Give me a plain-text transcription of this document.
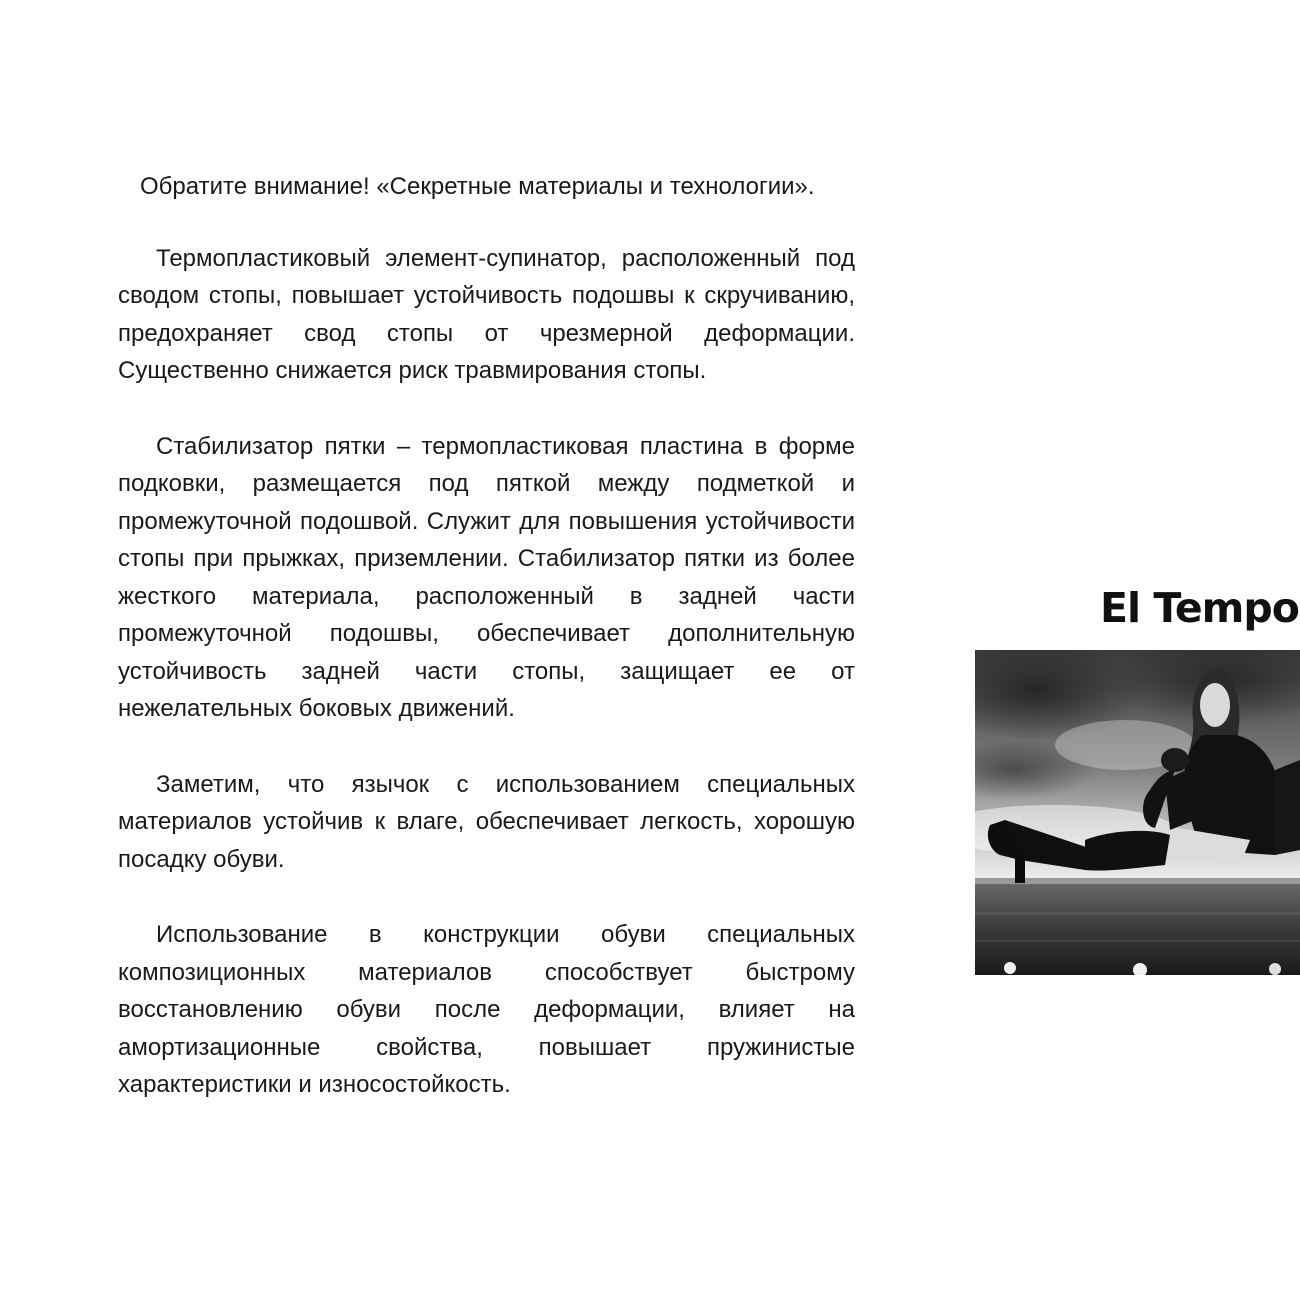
Обратите внимание! «Секретные материалы и технологии».

Термопластиковый элемент-супинатор, расположенный под сводом стопы, повышает устойчивость подошвы к скручиванию, предохраняет свод стопы от чрезмерной деформации. Существенно снижается риск травмирования стопы.

Стабилизатор пятки – термопластиковая пластина в форме подковки, размещается под пяткой между подметкой и промежуточной подошвой. Служит для повышения устойчивости стопы при прыжках, приземлении. Стабилизатор пятки из более жесткого материала, расположенный в задней части промежуточной подошвы, обеспечивает дополнительную устойчивость задней части стопы, защищает ее от нежелательных боковых движений.

Заметим, что язычок с использованием специальных материалов устойчив к влаге, обеспечивает легкость, хорошую посадку обуви.

Использование в конструкции обуви специальных композиционных материалов способствует быстрому восстановлению обуви после деформации, влияет на амортизационные свойства, повышает пружинистые характеристики и износостойкость.

El Tempo
